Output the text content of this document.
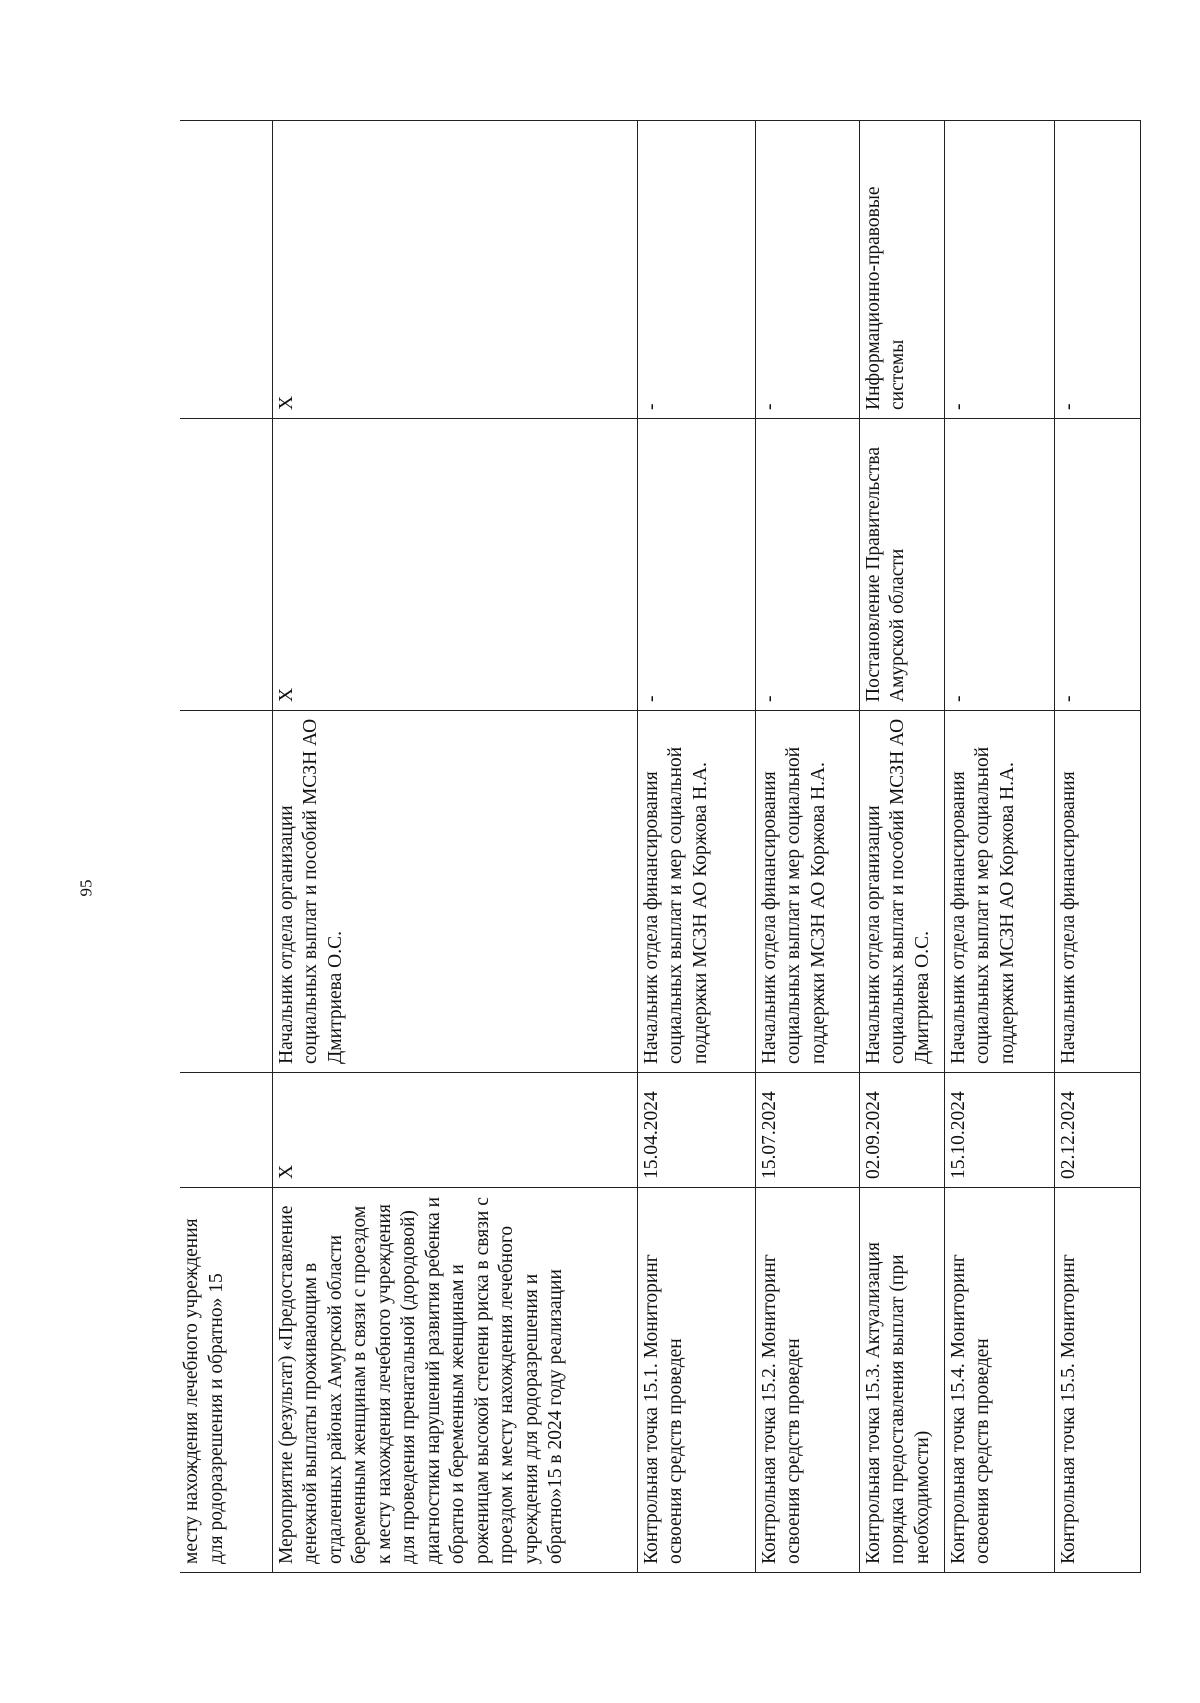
95
месту нахождения лечебного учреждения для родоразрешения и обратно» 15				
Мероприятие (результат) «Предоставление денежной выплаты проживающим в отдаленных районах Амурской области беременным женщинам в связи с проездом к месту нахождения лечебного учреждения для проведения пренатальной (дородовой) диагностики нарушений развития ребенка и обратно и беременным женщинам и роженицам высокой степени риска в связи с проездом к месту нахождения лечебного учреждения для родоразрешения и обратно»15 в 2024 году реализации	X	Начальник отдела организации социальных выплат и пособий МСЗН АО Дмитриева О.С.	X	X
Контрольная точка 15.1. Мониторинг освоения средств проведен	15.04.2024	Начальник отдела финансирования социальных выплат и мер социальной поддержки МСЗН АО Коржова Н.А.	-	-
Контрольная точка 15.2. Мониторинг освоения средств проведен	15.07.2024	Начальник отдела финансирования социальных выплат и мер социальной поддержки МСЗН АО Коржова Н.А.	-	-
Контрольная точка 15.3. Актуализация порядка предоставления выплат (при необходимости)	02.09.2024	Начальник отдела организации социальных выплат и пособий МСЗН АО Дмитриева О.С.	Постановление Правительства Амурской области	Информационно-правовые системы
Контрольная точка 15.4. Мониторинг освоения средств проведен	15.10.2024	Начальник отдела финансирования социальных выплат и мер социальной поддержки МСЗН АО Коржова Н.А.	-	-
Контрольная точка 15.5. Мониторинг	02.12.2024	Начальник отдела финансирования	-	-
